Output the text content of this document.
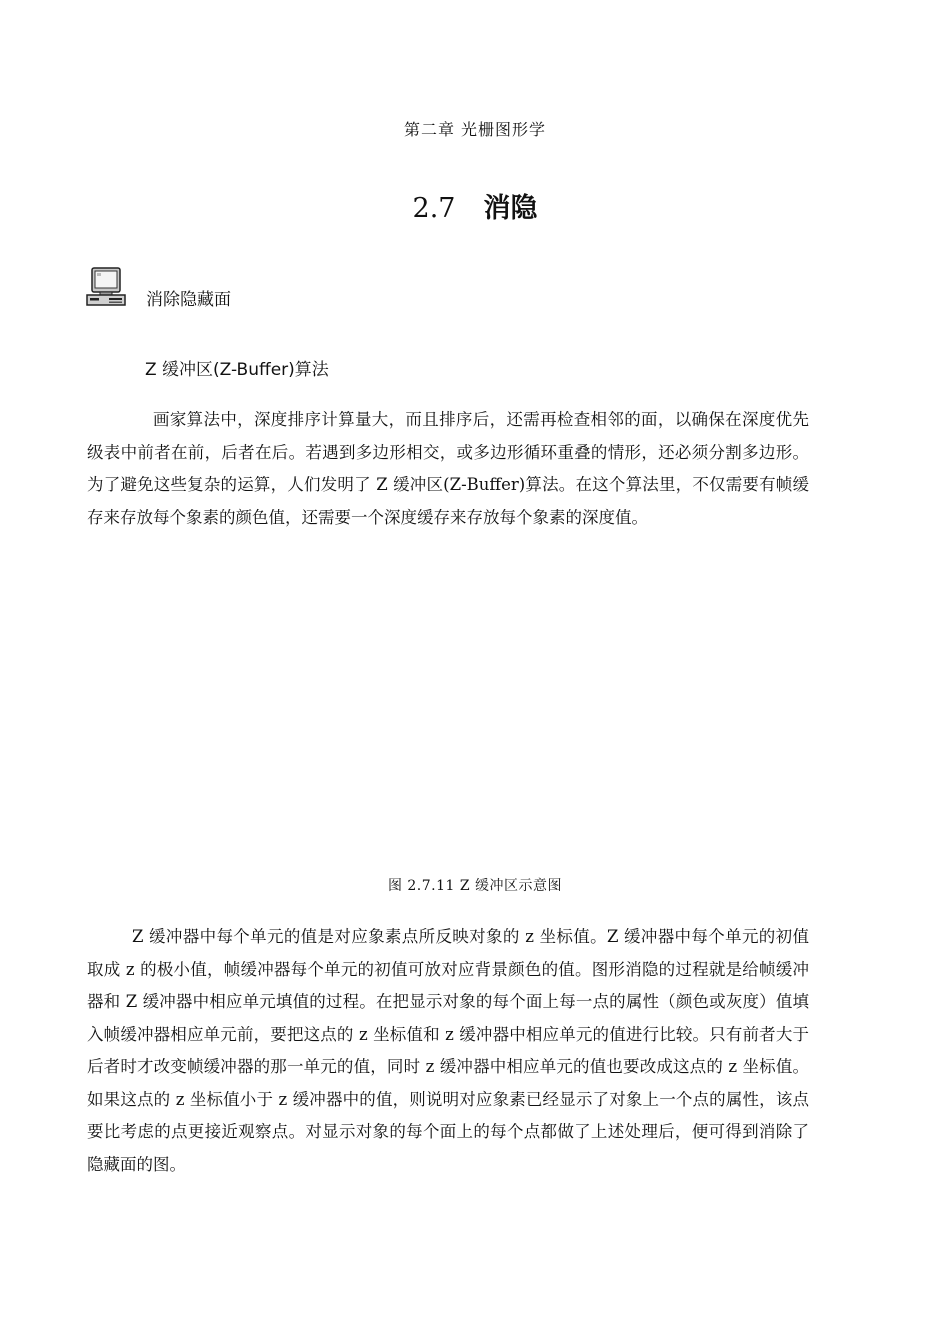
第二章 光栅图形学
2.7 消隐
消除隐藏面
Z 缓冲区(Z-Buffer)算法

画家算法中，深度排序计算量大，而且排序后，还需再检查相邻的面，以确保在深度优先级表中前者在前，后者在后。若遇到多边形相交，或多边形循环重叠的情形，还必须分割多边形。为了避免这些复杂的运算，人们发明了 Z 缓冲区(Z-Buffer)算法。在这个算法里，不仅需要有帧缓存来存放每个象素的颜色值，还需要一个深度缓存来存放每个象素的深度值。

图 2.7.11 Z 缓冲区示意图

Z 缓冲器中每个单元的值是对应象素点所反映对象的 z 坐标值。Z 缓冲器中每个单元的初值取成 z 的极小值，帧缓冲器每个单元的初值可放对应背景颜色的值。图形消隐的过程就是给帧缓冲器和 Z 缓冲器中相应单元填值的过程。在把显示对象的每个面上每一点的属性（颜色或灰度）值填入帧缓冲器相应单元前，要把这点的 z 坐标值和 z 缓冲器中相应单元的值进行比较。只有前者大于后者时才改变帧缓冲器的那一单元的值，同时 z 缓冲器中相应单元的值也要改成这点的 z 坐标值。如果这点的 z 坐标值小于 z 缓冲器中的值，则说明对应象素已经显示了对象上一个点的属性，该点要比考虑的点更接近观察点。对显示对象的每个面上的每个点都做了上述处理后，便可得到消除了隐藏面的图。
